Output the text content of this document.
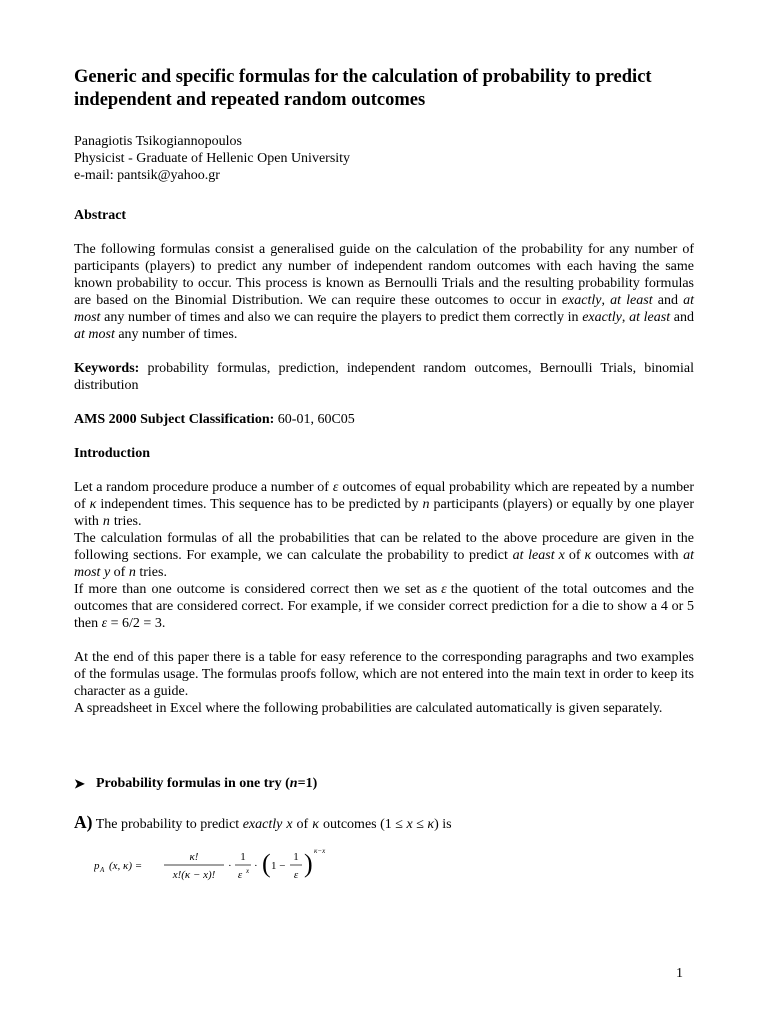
Generic and specific formulas for the calculation of probability to predict independent and repeated random outcomes

Panagiotis Tsikogiannopoulos

Physicist - Graduate of Hellenic Open University

e-mail: pantsik@yahoo.gr

Abstract

The following formulas consist a generalised guide on the calculation of the probability for any number of participants (players) to predict any number of independent random outcomes with each having the same known probability to occur. This process is known as Bernoulli Trials and the resulting probability formulas are based on the Binomial Distribution. We can require these outcomes to occur in exactly, at least and at most any number of times and also we can require the players to predict them correctly in exactly, at least and at most any number of times.

Keywords: probability formulas, prediction, independent random outcomes, Bernoulli Trials, binomial distribution

AMS 2000 Subject Classification: 60-01, 60C05

Introduction

Let a random procedure produce a number of ε outcomes of equal probability which are repeated by a number of κ independent times. This sequence has to be predicted by n participants (players) or equally by one player with n tries.

The calculation formulas of all the probabilities that can be related to the above procedure are given in the following sections. For example, we can calculate the probability to predict at least x of κ outcomes with at most y of n tries.

If more than one outcome is considered correct then we set as ε the quotient of the total outcomes and the outcomes that are considered correct. For example, if we consider correct prediction for a die to show a 4 or 5 then ε = 6/2 = 3.

At the end of this paper there is a table for easy reference to the corresponding paragraphs and two examples of the formulas usage. The formulas proofs follow, which are not entered into the main text in order to keep its character as a guide.

A spreadsheet in Excel where the following probabilities are calculated automatically is given separately.

➤ Probability formulas in one try (n=1)

A) The probability to predict exactly x of κ outcomes (1 ≤ x ≤ κ) is

p A (x, κ) =
κ!
x!(κ − x)!
·
1
ε x · ( 1 −
1
ε ) κ−x
1
